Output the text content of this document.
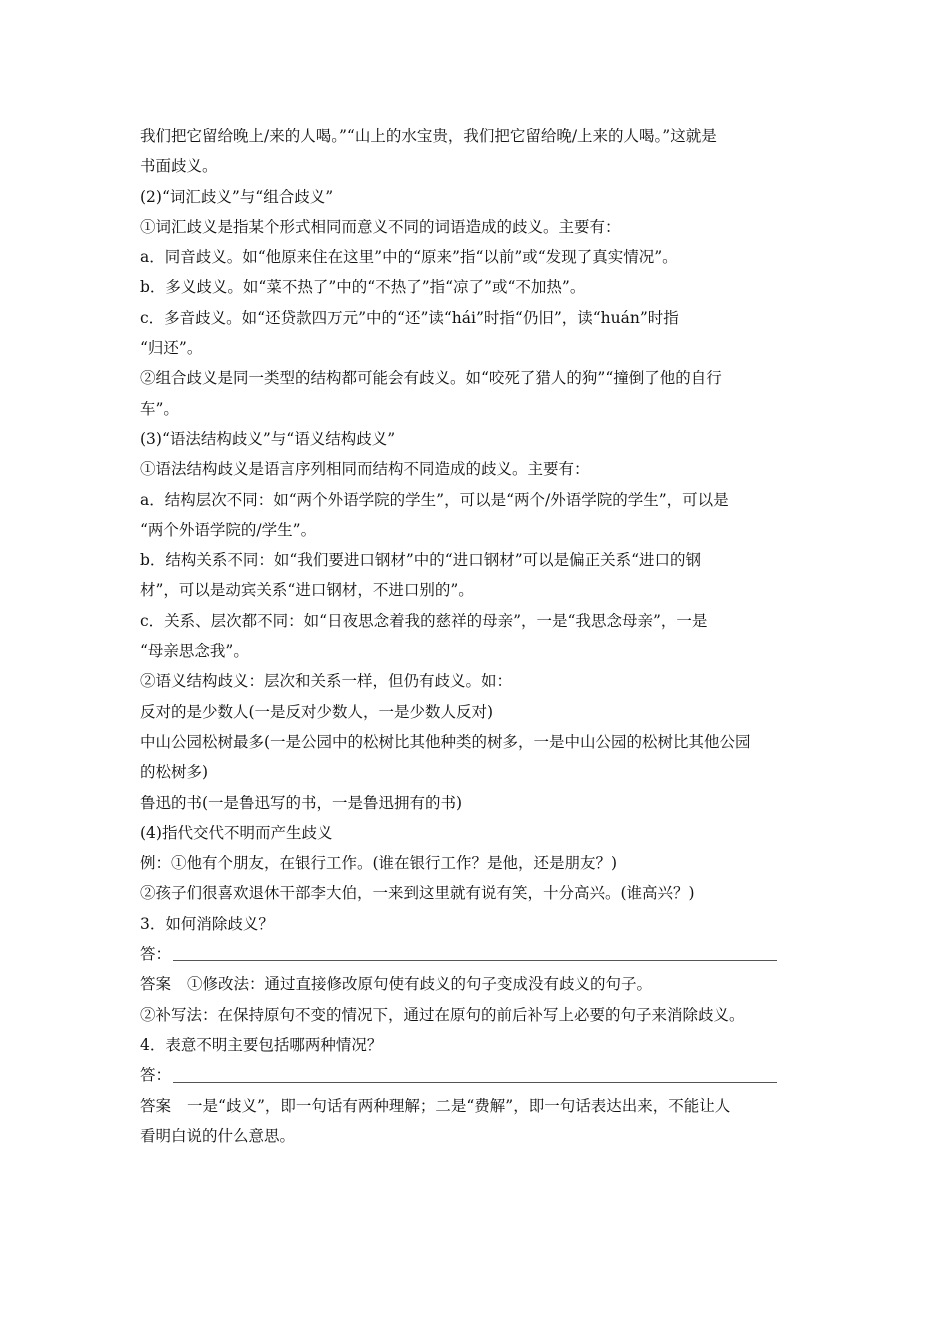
我们把它留给晚上/来的人喝。”“山上的水宝贵，我们把它留给晚/上来的人喝。”这就是
书面歧义。
(2)“词汇歧义”与“组合歧义”
①词汇歧义是指某个形式相同而意义不同的词语造成的歧义。主要有：
a．同音歧义。如“他原来住在这里”中的“原来”指“以前”或“发现了真实情况”。
b．多义歧义。如“菜不热了”中的“不热了”指“凉了”或“不加热”。
c．多音歧义。如“还贷款四万元”中的“还”读“hái”时指“仍旧”，读“huán”时指
“归还”。
②组合歧义是同一类型的结构都可能会有歧义。如“咬死了猎人的狗”“撞倒了他的自行
车”。
(3)“语法结构歧义”与“语义结构歧义”
①语法结构歧义是语言序列相同而结构不同造成的歧义。主要有：
a．结构层次不同：如“两个外语学院的学生”，可以是“两个/外语学院的学生”，可以是
“两个外语学院的/学生”。
b．结构关系不同：如“我们要进口钢材”中的“进口钢材”可以是偏正关系“进口的钢
材”，可以是动宾关系“进口钢材，不进口别的”。
c．关系、层次都不同：如“日夜思念着我的慈祥的母亲”，一是“我思念母亲”，一是
“母亲思念我”。
②语义结构歧义：层次和关系一样，但仍有歧义。如：
反对的是少数人(一是反对少数人，一是少数人反对)
中山公园松树最多(一是公园中的松树比其他种类的树多，一是中山公园的松树比其他公园
的松树多)
鲁迅的书(一是鲁迅写的书，一是鲁迅拥有的书)
(4)指代交代不明而产生歧义
例：①他有个朋友，在银行工作。(谁在银行工作？是他，还是朋友？)
②孩子们很喜欢退休干部李大伯，一来到这里就有说有笑，十分高兴。(谁高兴？)
3．如何消除歧义？
答：
答案 ①修改法：通过直接修改原句使有歧义的句子变成没有歧义的句子。
②补写法：在保持原句不变的情况下，通过在原句的前后补写上必要的句子来消除歧义。
4．表意不明主要包括哪两种情况？
答：
答案 一是“歧义”，即一句话有两种理解；二是“费解”，即一句话表达出来，不能让人
看明白说的什么意思。
